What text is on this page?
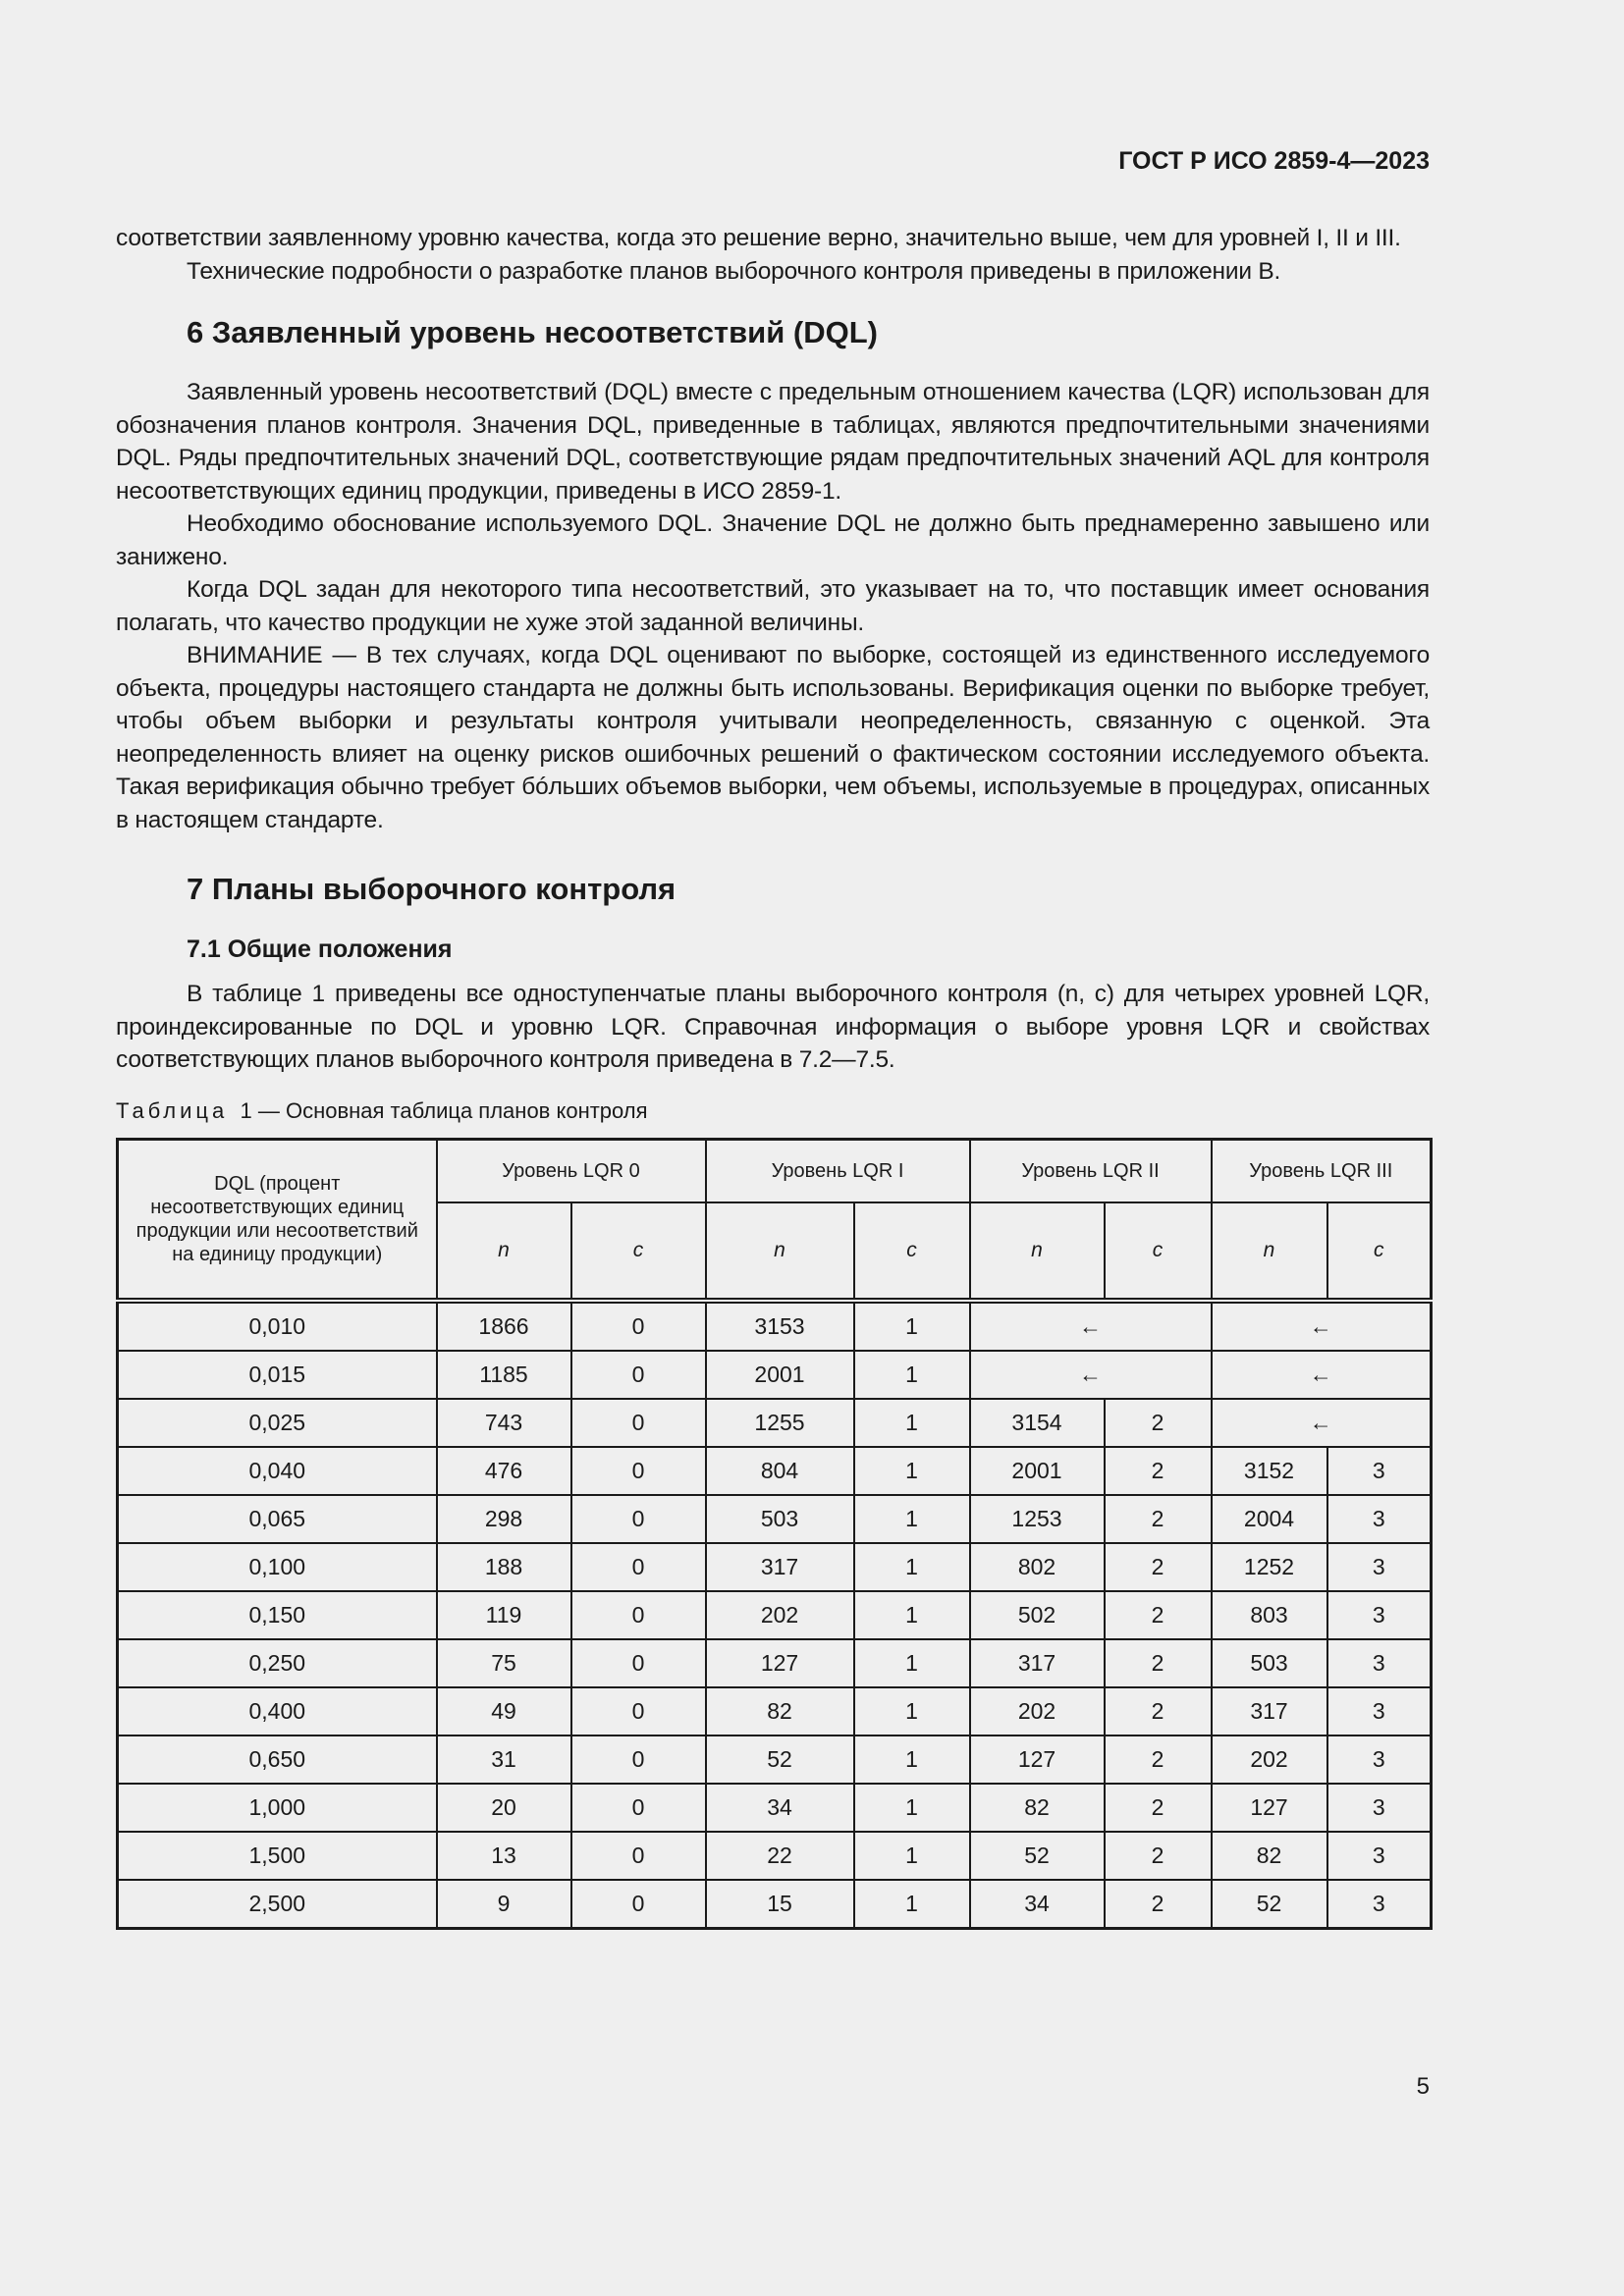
ГОСТ Р ИСО 2859-4—2023

соответствии заявленному уровню качества, когда это решение верно, значительно выше, чем для уровней I, II и III.

Технические подробности о разработке планов выборочного контроля приведены в приложении В.

6 Заявленный уровень несоответствий (DQL)

Заявленный уровень несоответствий (DQL) вместе с предельным отношением качества (LQR) использован для обозначения планов контроля. Значения DQL, приведенные в таблицах, являются предпочтительными значениями DQL. Ряды предпочтительных значений DQL, соответствующие рядам предпочтительных значений AQL для контроля несоответствующих единиц продукции, приведены в ИСО 2859-1.

Необходимо обоснование используемого DQL. Значение DQL не должно быть преднамеренно завышено или занижено.

Когда DQL задан для некоторого типа несоответствий, это указывает на то, что поставщик имеет основания полагать, что качество продукции не хуже этой заданной величины.

ВНИМАНИЕ — В тех случаях, когда DQL оценивают по выборке, состоящей из единственного исследуемого объекта, процедуры настоящего стандарта не должны быть использованы. Верификация оценки по выборке требует, чтобы объем выборки и результаты контроля учитывали неопределенность, связанную с оценкой. Эта неопределенность влияет на оценку рисков ошибочных решений о фактическом состоянии исследуемого объекта. Такая верификация обычно требует бóльших объемов выборки, чем объемы, используемые в процедурах, описанных в настоящем стандарте.

7 Планы выборочного контроля
7.1 Общие положения

В таблице 1 приведены все одноступенчатые планы выборочного контроля (n, c) для четырех уровней LQR, проиндексированные по DQL и уровню LQR. Справочная информация о выборе уровня LQR и свойствах соответствующих планов выборочного контроля приведена в 7.2—7.5.

Таблица 1 — Основная таблица планов контроля
DQL (процент несоответствующих единиц продукции или несоответствий на единицу продукции)	Уровень LQR 0		Уровень LQR I		Уровень LQR II		Уровень LQR III	
	n	c	n	c	n	c	n	c
0,010	1866	0	3153	1	←		←	
0,015	1185	0	2001	1	←		←	
0,025	743	0	1255	1	3154	2	←	
0,040	476	0	804	1	2001	2	3152	3
0,065	298	0	503	1	1253	2	2004	3
0,100	188	0	317	1	802	2	1252	3
0,150	119	0	202	1	502	2	803	3
0,250	75	0	127	1	317	2	503	3
0,400	49	0	82	1	202	2	317	3
0,650	31	0	52	1	127	2	202	3
1,000	20	0	34	1	82	2	127	3
1,500	13	0	22	1	52	2	82	3
2,500	9	0	15	1	34	2	52	3
5
